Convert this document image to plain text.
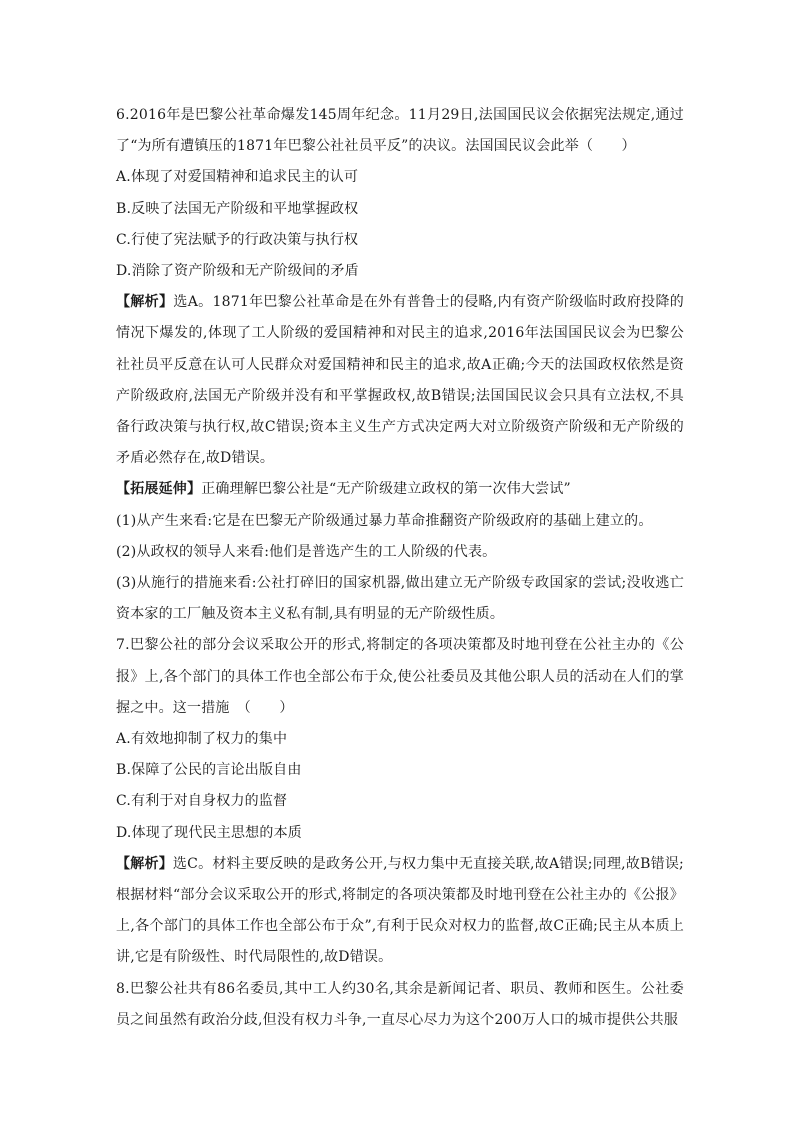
6.2016年是巴黎公社革命爆发145周年纪念。11月29日,法国国民议会依据宪法规定,通过了“为所有遭镇压的1871年巴黎公社社员平反”的决议。法国国民议会此举（　　）

A.体现了对爱国精神和追求民主的认可

B.反映了法国无产阶级和平地掌握政权

C.行使了宪法赋予的行政决策与执行权

D.消除了资产阶级和无产阶级间的矛盾

【解析】选A。1871年巴黎公社革命是在外有普鲁士的侵略,内有资产阶级临时政府投降的情况下爆发的,体现了工人阶级的爱国精神和对民主的追求,2016年法国国民议会为巴黎公社社员平反意在认可人民群众对爱国精神和民主的追求,故A正确;今天的法国政权依然是资产阶级政府,法国无产阶级并没有和平掌握政权,故B错误;法国国民议会只具有立法权,不具备行政决策与执行权,故C错误;资本主义生产方式决定两大对立阶级资产阶级和无产阶级的矛盾必然存在,故D错误。

【拓展延伸】正确理解巴黎公社是“无产阶级建立政权的第一次伟大尝试”

(1)从产生来看:它是在巴黎无产阶级通过暴力革命推翻资产阶级政府的基础上建立的。

(2)从政权的领导人来看:他们是普选产生的工人阶级的代表。

(3)从施行的措施来看:公社打碎旧的国家机器,做出建立无产阶级专政国家的尝试;没收逃亡资本家的工厂触及资本主义私有制,具有明显的无产阶级性质。

7.巴黎公社的部分会议采取公开的形式,将制定的各项决策都及时地刊登在公社主办的《公报》上,各个部门的具体工作也全部公布于众,使公社委员及其他公职人员的活动在人们的掌握之中。这一措施　（　　）

A.有效地抑制了权力的集中

B.保障了公民的言论出版自由

C.有利于对自身权力的监督

D.体现了现代民主思想的本质

【解析】选C。材料主要反映的是政务公开,与权力集中无直接关联,故A错误;同理,故B错误;根据材料“部分会议采取公开的形式,将制定的各项决策都及时地刊登在公社主办的《公报》上,各个部门的具体工作也全部公布于众”,有利于民众对权力的监督,故C正确;民主从本质上讲,它是有阶级性、时代局限性的,故D错误。

8.巴黎公社共有86名委员,其中工人约30名,其余是新闻记者、职员、教师和医生。公社委员之间虽然有政治分歧,但没有权力斗争,一直尽心尽力为这个200万人口的城市提供公共服
